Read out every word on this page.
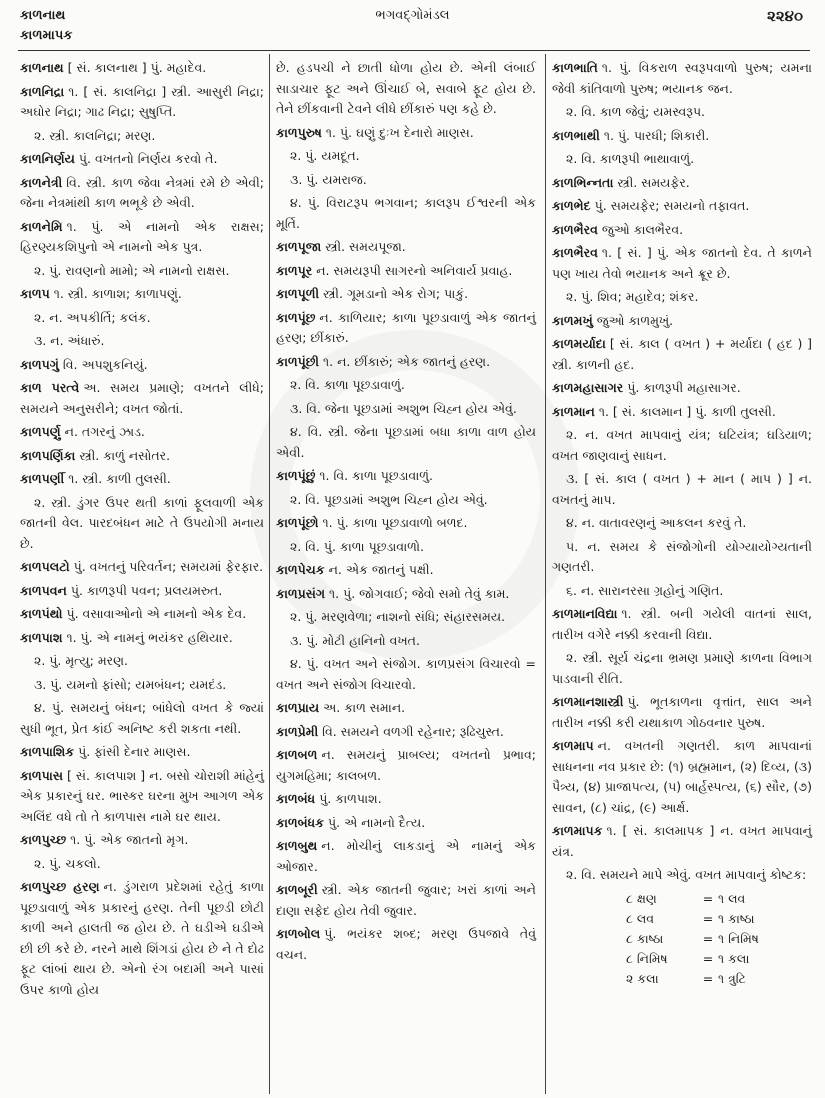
કાળનાથ
કાળમાપક
ભગવદ્ગોમંડલ	૨૨૪૦
કાળનાથ [ સં. કાલનાથ ] પું. મહાદેવ.
કાળનિદ્રા ૧. [ સં. કાલનિદ્રા ] સ્ત્રી. આસુરી નિદ્રા; અઘોર નિદ્રા; ગાઢ નિદ્રા; સુષુપ્તિ.
૨. સ્ત્રી. કાલનિદ્રા; મરણ.
કાળનિર્ણય પું. વખતનો નિર્ણય કરવો તે.
કાળનેત્રી વિ. સ્ત્રી. કાળ જેવા નેત્રમાં રમે છે એવી; જેના નેત્રમાંથી કાળ ભભૂકે છે એવી.
કાળનેમિ ૧. પું. એ નામનો એક રાક્ષસ; હિરણ્યકશિપુનો એ નામનો એક પુત્ર.
૨. પું. રાવણનો મામો; એ નામનો રાક્ષસ.
કાળપ ૧. સ્ત્રી. કાળાશ; કાળાપણું.
૨. ન. અપકીર્તિ; કલંક.
૩. ન. અંધારું.
કાળપગું વિ. અપશુકનિયું.
કાળ પરત્વે અ. સમય પ્રમાણે; વખતને લીધે; સમયને અનુસરીને; વખત જોતાં.
કાળપર્ણુ ન. તગરનું ઝાડ.
કાળપર્ણિકા સ્ત્રી. કાળું નસોતર.
કાળપર્ણી ૧. સ્ત્રી. કાળી તુલસી.
૨. સ્ત્રી. ડુંગર ઉપર થતી કાળાં ફૂલવાળી એક જાતની વેલ. પારદબંધન માટે તે ઉપયોગી મનાય છે.
કાળપલટો પું. વખતનું પરિવર્તન; સમયમાં ફેરફાર.
કાળપવન પું. કાળરૂપી પવન; પ્રલયમરુત.
કાળપંથો પું. વસાવાઓનો એ નામનો એક દેવ.
કાળપાશ ૧. પું. એ નામનું ભયંકર હથિયાર.
૨. પું. મૃત્યુ; મરણ.
૩. પું. યમનો ફાંસો; યમબંધન; યમદંડ.
૪. પું. સમયનું બંધન; બાંધેલો વખત કે જ્યાં સુધી ભૂત, પ્રેત કાંઈ અનિષ્ટ કરી શકતા નથી.
કાળપાશિક પું. ફાંસી દેનાર માણસ.
કાળપાસ [ સં. કાલપાશ ] ન. બસો ચોરાશી માંહેનું એક પ્રકારનું ઘર. ભાસ્કર ઘરના મુખ આગળ એક અલિંદ વધે તો તે કાળપાસ નામે ઘર થાય.
કાળપુચ્છ ૧. પું. એક જાતનો મૃગ.
૨. પું. ચકલો.
કાળપુચ્છ હરણ ન. ડુંગરાળ પ્રદેશમાં રહેતું કાળા પૂછડાવાળું એક પ્રકારનું હરણ. તેની પૂછડી છોટી કાળી અને હાલતી જ હોય છે. તે ઘડીએ ઘડીએ છી છી કરે છે. નરને માથે શિંગડાં હોય છે ને તે દોઢ ફૂટ લાંબાં થાય છે. એનો રંગ બદામી અને પાસાં ઉપર કાળો હોય
છે. હડપચી ને છાતી ધોળા હોય છે. એની લંબાઈ સાડાચાર ફૂટ અને ઊંચાઈ બે, સવાબે ફૂટ હોય છે. તેને છીંકવાની ટેવને લીધે છીંકારું પણ કહે છે.
કાળપુરુષ ૧. પું. ઘણું દુઃખ દેનારો માણસ.
૨. પું. યમદૂત.
૩. પું. યમરાજ.
૪. પું. વિરાટરૂપ ભગવાન; કાલરૂપ ઈશ્વરની એક મૂર્તિ.
કાળપૂજા સ્ત્રી. સમયપૂજા.
કાળપૂર ન. સમયરૂપી સાગરનો અનિવાર્ય પ્રવાહ.
કાળપૂળી સ્ત્રી. ગૂમડાનો એક રોગ; પાકું.
કાળપૂંછ ન. કાળિયાર; કાળા પૂછડાવાળું એક જાતનું હરણ; છીંકારું.
કાળપૂંછી ૧. ન. છીંકારું; એક જાતનું હરણ.
૨. વિ. કાળા પૂછડાવાળું.
૩. વિ. જેના પૂછડામાં અશુભ ચિહ્ન હોય એવું.
૪. વિ. સ્ત્રી. જેના પૂછડામાં બધા કાળા વાળ હોય એવી.
કાળપૂંછું ૧. વિ. કાળા પૂછડાવાળું.
૨. વિ. પૂછડામાં અશુભ ચિહ્ન હોય એવું.
કાળપૂંછો ૧. પું. કાળા પૂછડાવાળો બળદ.
૨. વિ. પું. કાળા પૂછડાવાળો.
કાળપેચક ન. એક જાતનું પક્ષી.
કાળપ્રસંગ ૧. પું. જોગવાઈ; જેવો સમો તેવું કામ.
૨. પું. મરણવેળા; નાશનો સંધિ; સંહારસમય.
૩. પું. મોટી હાનિનો વખત.
૪. પું. વખત અને સંજોગ. કાળપ્રસંગ વિચારવો = વખત અને સંજોગ વિચારવો.
કાળપ્રાય અ. કાળ સમાન.
કાળપ્રેમી વિ. સમયને વળગી રહેનાર; રૂઢિચુસ્ત.
કાળબળ ન. સમયનું પ્રાબલ્ય; વખતનો પ્રભાવ; યુગમહિમા; કાલબળ.
કાળબંધ પું. કાળપાશ.
કાળબંધક પું. એ નામનો દૈત્ય.
કાળબુથ ન. મોચીનું લાકડાનું એ નામનું એક ઓજાર.
કાળબૂરી સ્ત્રી. એક જાતની જુવાર; ખરાં કાળાં અને દાણા સફેદ હોય તેવી જુવાર.
કાળબોલ પું. ભયંકર શબ્દ; મરણ ઉપજાવે તેવું વચન.
કાળભાતિ ૧. પું. વિકરાળ સ્વરૂપવાળો પુરુષ; યમના જેવી કાંતિવાળો પુરુષ; ભયાનક જન.
૨. વિ. કાળ જેવું; યમસ્વરૂપ.
કાળભાથી ૧. પું. પારધી; શિકારી.
૨. વિ. કાળરૂપી ભાથાવાળું.
કાળભિન્નતા સ્ત્રી. સમયફેર.
કાળભેદ પું. સમયફેર; સમયનો તફાવત.
કાળભૈરવ જુઓ કાલભૈરવ.
કાળભૈરવ ૧. [ સં. ] પું. એક જાતનો દેવ. તે કાળને પણ ખાય તેવો ભયાનક અને ક્રૂર છે.
૨. પું. શિવ; મહાદેવ; શંકર.
કાળમખું જુઓ કાળમુખું.
કાળમર્યાદા [ સં. કાલ ( વખત ) + મર્યાદા ( હદ ) ] સ્ત્રી. કાળની હદ.
કાળમહાસાગર પું. કાળરૂપી મહાસાગર.
કાળમાન ૧. [ સં. કાલમાન ] પું. કાળી તુલસી.
૨. ન. વખત માપવાનું યંત્ર; ઘટિયંત્ર; ઘડિયાળ; વખત જાણવાનું સાધન.
૩. [ સં. કાલ ( વખત ) + માન ( માપ ) ] ન. વખતનું માપ.
૪. ન. વાતાવરણનું આકલન કરવું તે.
૫. ન. સમય કે સંજોગોની યોગ્યાયોગ્યતાની ગણતરી.
૬. ન. સારાનરસા ગ્રહોનું ગણિત.
કાળમાનવિદ્યા ૧. સ્ત્રી. બની ગયેલી વાતનાં સાલ, તારીખ વગેરે નક્કી કરવાની વિદ્યા.
૨. સ્ત્રી. સૂર્ય ચંદ્રના ભ્રમણ પ્રમાણે કાળના વિભાગ પાડવાની રીતિ.
કાળમાનશાસ્ત્રી પું. ભૂતકાળના વૃત્તાંત, સાલ અને તારીખ નક્કી કરી યથાકાળ ગોઠવનાર પુરુષ.
કાળમાપ ન. વખતની ગણતરી. કાળ માપવાનાં સાધનના નવ પ્રકાર છે: (૧) બ્રહ્મમાન, (૨) દિવ્ય, (૩) પૈત્ર્ય, (૪) પ્રાજાપત્ય, (૫) બાર્હસ્પત્ય, (૬) સૌર, (૭) સાવન, (૮) ચાંદ્ર, (૯) આર્ક્ષ.
કાળમાપક ૧. [ સં. કાલમાપક ] ન. વખત માપવાનું યંત્ર.
૨. વિ. સમયને માપે એવું. વખત માપવાનું કોષ્ટક:
૮ ક્ષણ	= ૧ લવ
૮ લવ	= ૧ કાષ્ઠા
૮ કાષ્ઠા	= ૧ નિમિષ
૮ નિમિષ	= ૧ કલા
૨ કલા	= ૧ ત્રુટિ
